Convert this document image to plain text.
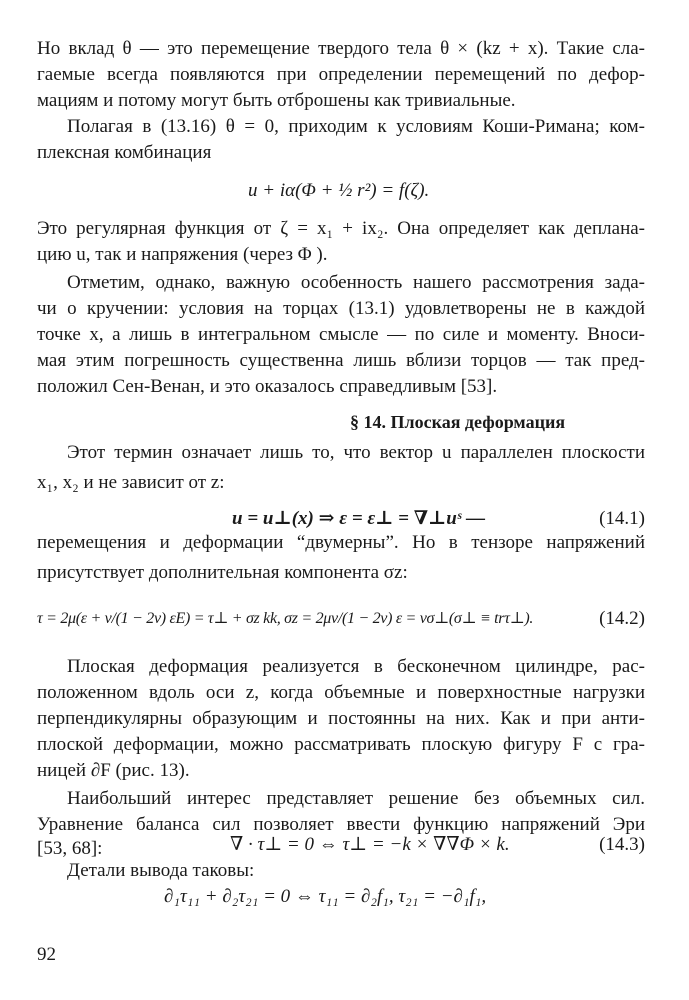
Но вклад θ — это перемещение твердого тела θ × (kz + x). Такие сла-
гаемые всегда появляются при определении перемещений по дефор-
мациям и потому могут быть отброшены как тривиальные.
Полагая в (13.16) θ = 0, приходим к условиям Коши-Римана; ком-
плексная комбинация
u + iα(Φ + ½ r²) = f(ζ).
Это регулярная функция от ζ = x₁ + ix₂. Она определяет как деплана-
цию u, так и напряжения (через Φ ).
Отметим, однако, важную особенность нашего рассмотрения зада-
чи о кручении: условия на торцах (13.1) удовлетворены не в каждой
точке x, а лишь в интегральном смысле — по силе и моменту. Вноси-
мая этим погрешность существенна лишь вблизи торцов — так пред-
положил Сен-Венан, и это оказалось справедливым [53].
§ 14. Плоская деформация
Этот термин означает лишь то, что вектор u параллелен плоскости
x₁, x₂ и не зависит от z:
u = u⊥(x) ⇒ ε = ε⊥ = ∇⊥uˢ —	(14.1)
перемещения и деформации “двумерны”. Но в тензоре напряжений
присутствует дополнительная компонента σz:
τ = 2μ(ε + ν/(1 − 2ν) εE) = τ⊥ + σz kk, σz = 2μν/(1 − 2ν) ε = νσ⊥(σ⊥ ≡ trτ⊥).	(14.2)
Плоская деформация реализуется в бесконечном цилиндре, рас-
положенном вдоль оси z, когда объемные и поверхностные нагрузки
перпендикулярны образующим и постоянны на них. Как и при анти-
плоской деформации, можно рассматривать плоскую фигуру F с гра-
ницей ∂F (рис. 13).
Наибольший интерес представляет решение без объемных сил.
Уравнение баланса сил позволяет ввести функцию напряжений Эри
[53, 68]:	∇ · τ⊥ = 0 ⇔ τ⊥ = −k × ∇∇Φ × k.	(14.3)
Детали вывода таковы:
∂₁τ₁₁ + ∂₂τ₂₁ = 0 ⇔ τ₁₁ = ∂₂f₁, τ₂₁ = −∂₁f₁,
92
